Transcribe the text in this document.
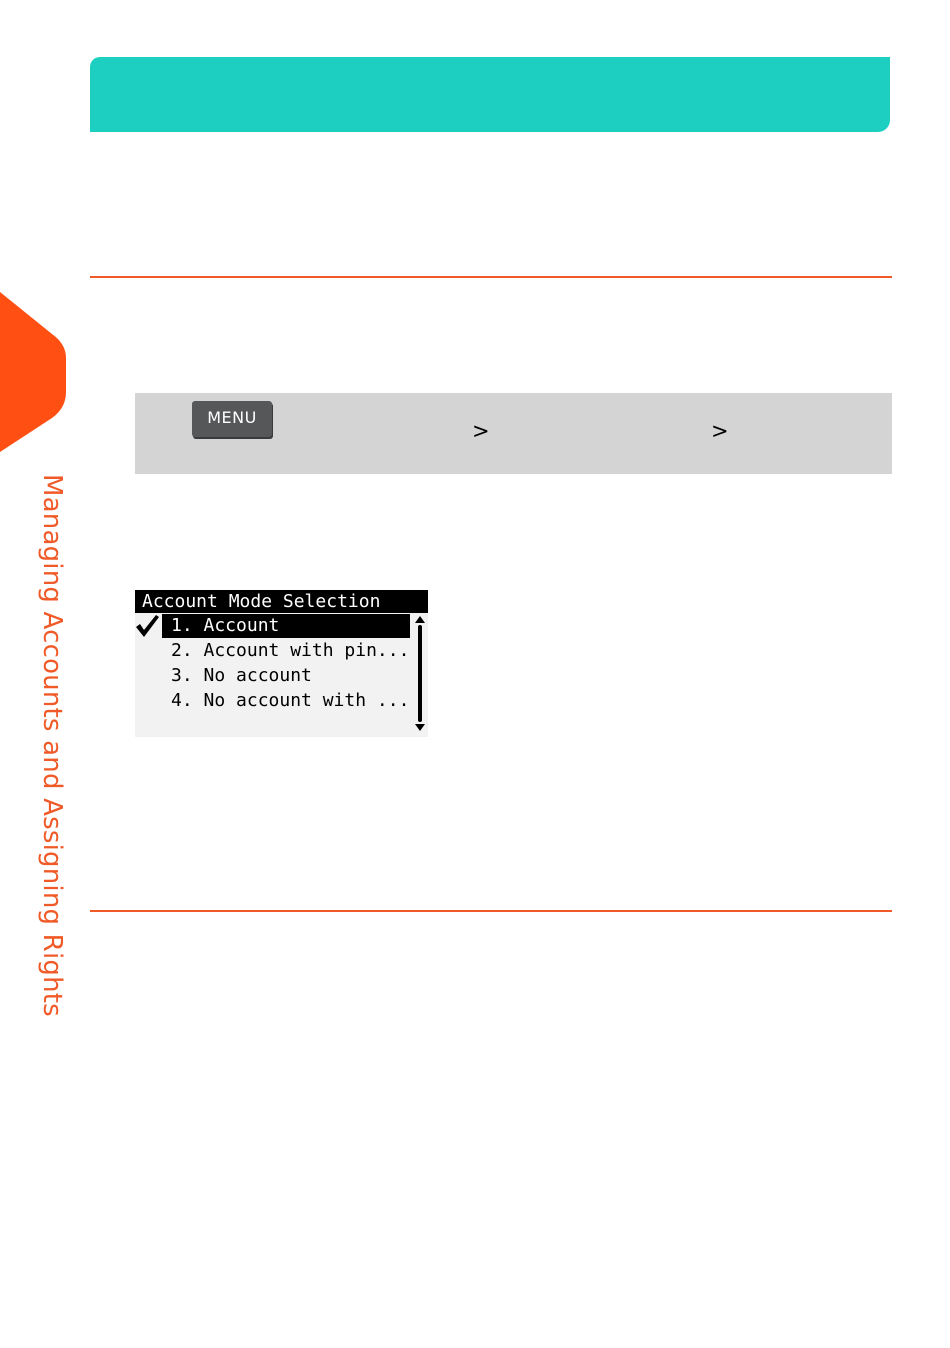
Managing Accounts and Assigning Rights
MENU
>	>
Account Mode Selection
1. Account
2. Account with pin...
3. No account
4. No account with ...
